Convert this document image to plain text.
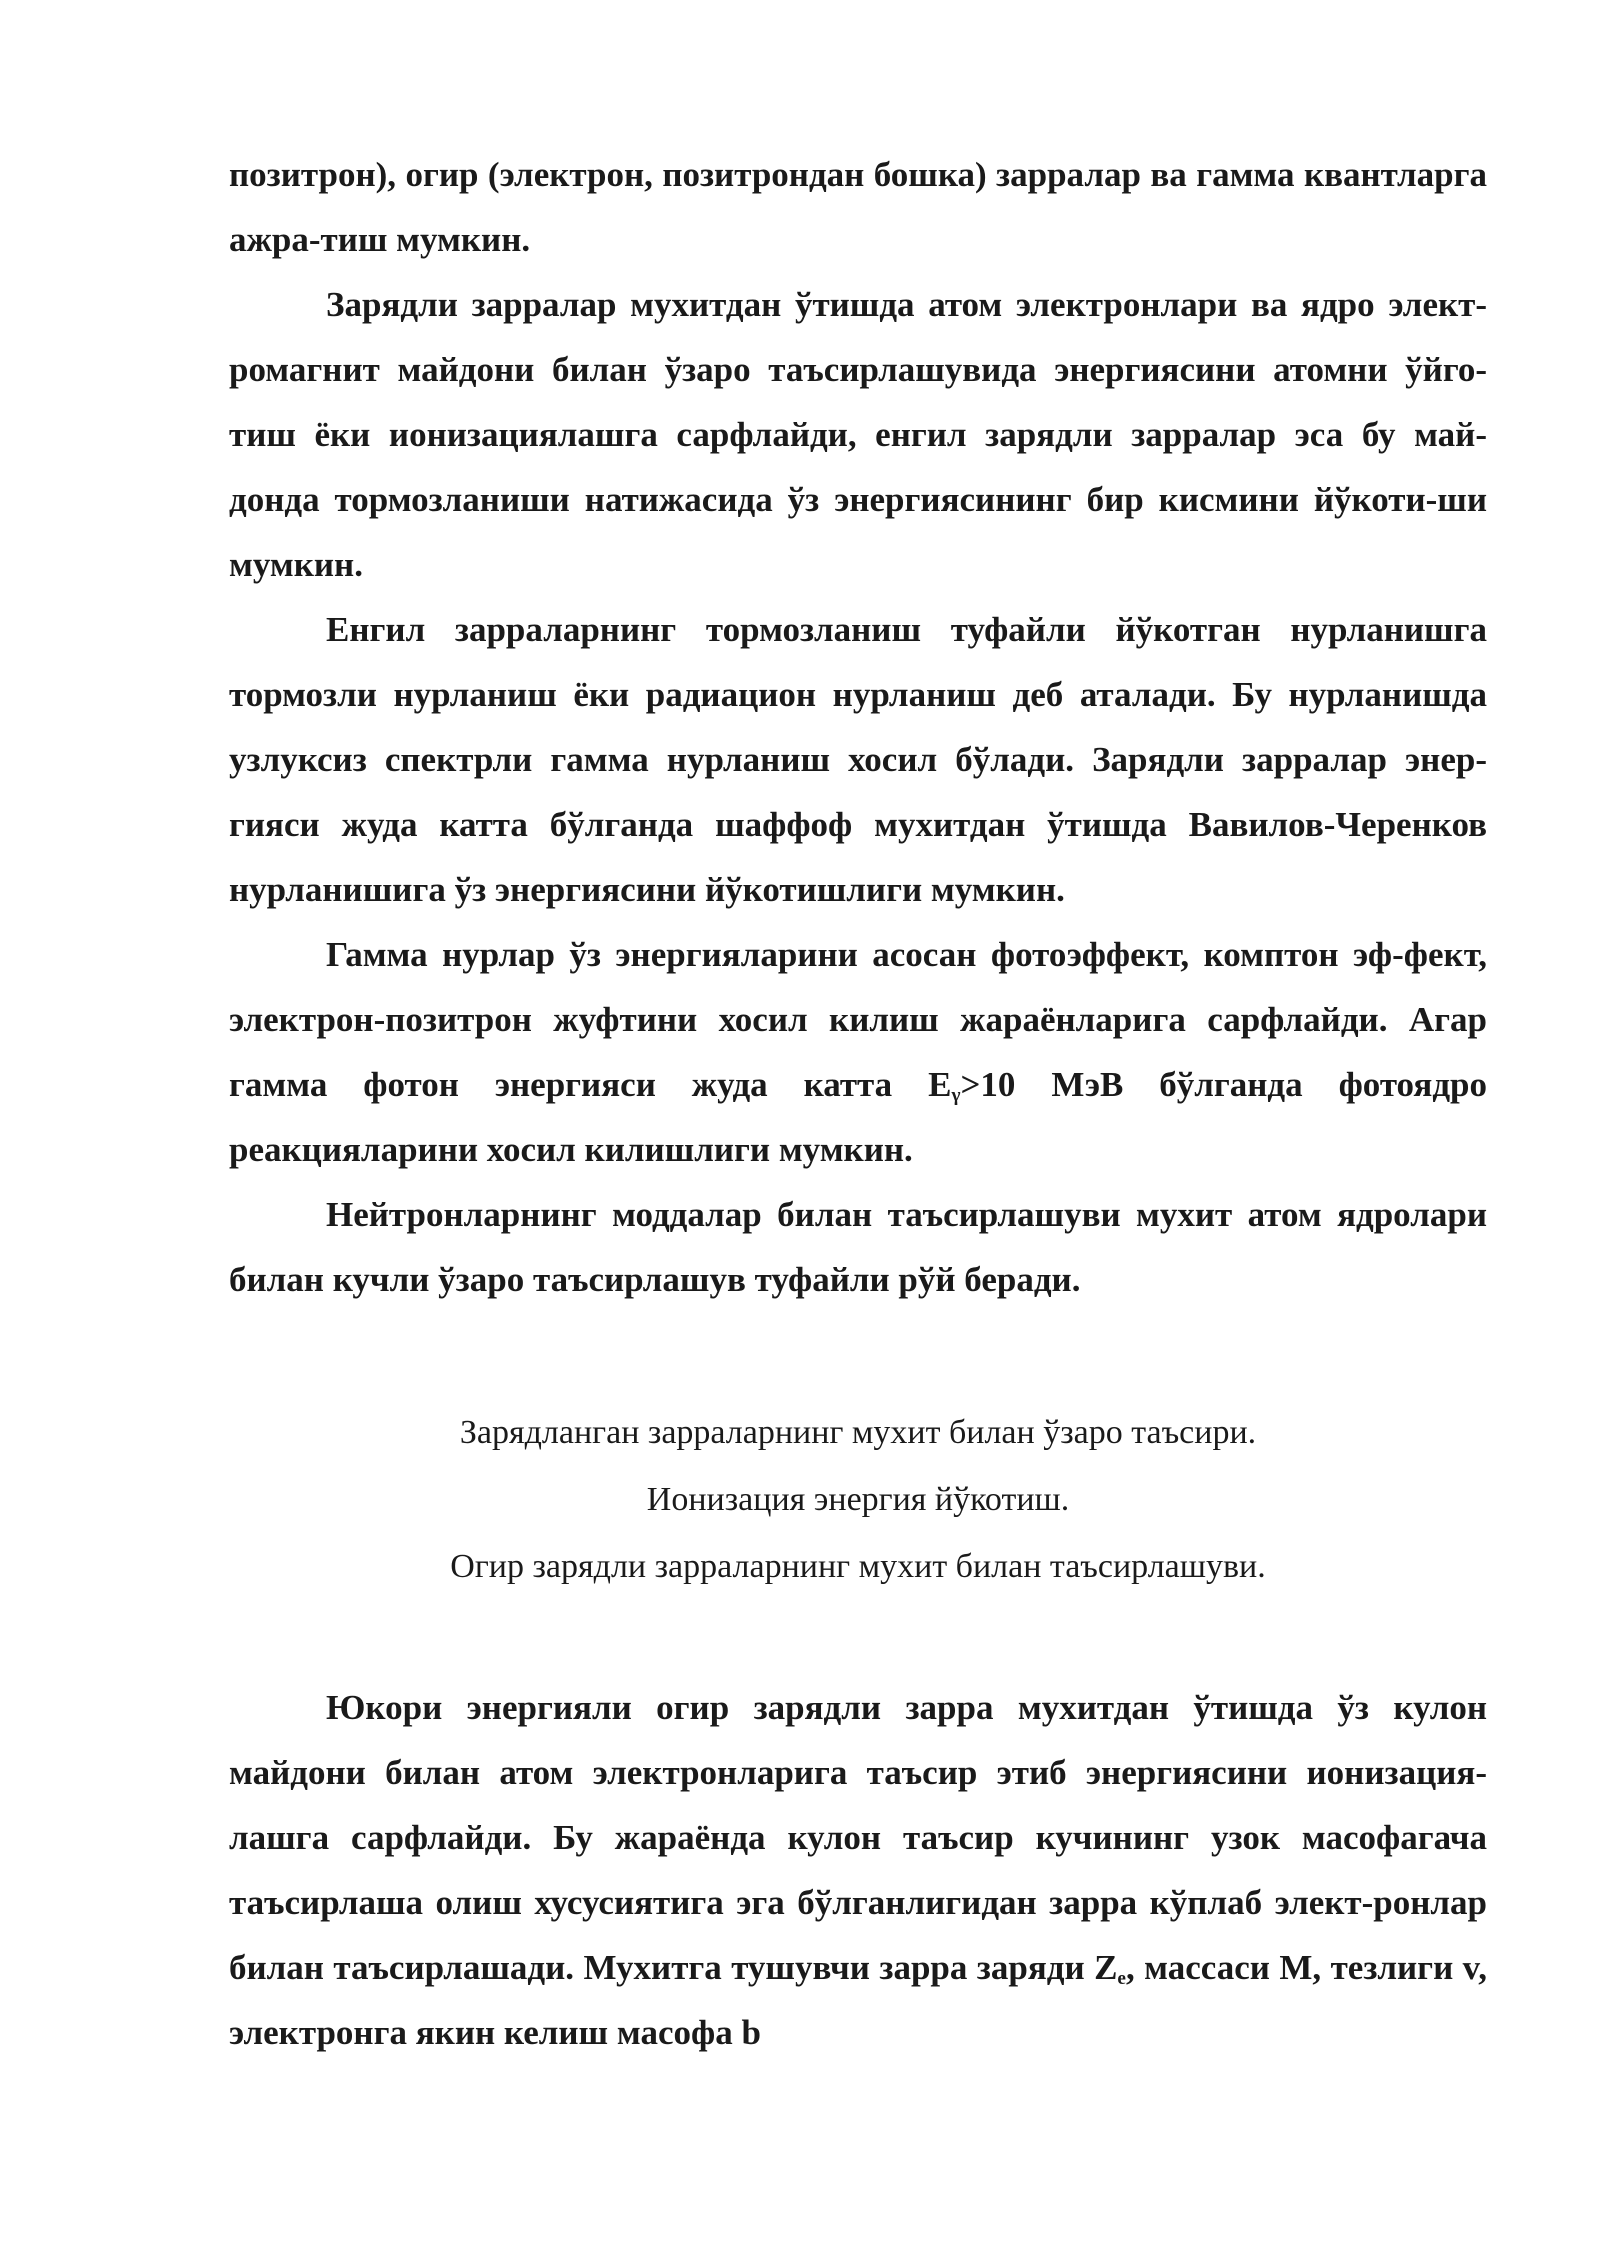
позитрон), огир (электрон, позитрондан бошка) зарралар ва гамма квантларга ажра-тиш мумкин.

Зарядли зарралар мухитдан ўтишда атом электронлари ва ядро элект-ромагнит майдони билан ўзаро таъсирлашувида энергиясини атомни ўйго-тиш ёки ионизациялашга сарфлайди, енгил зарядли зарралар эса бу май-донда тормозланиши натижасида ўз энергиясининг бир кисмини йўкоти-ши мумкин.

Енгил зарраларнинг тормозланиш туфайли йўкотган нурланишга тормозли нурланиш ёки радиацион нурланиш деб аталади. Бу нурланишда узлуксиз спектрли гамма нурланиш хосил бўлади. Зарядли зарралар энер-гияси жуда катта бўлганда шаффоф мухитдан ўтишда Вавилов-Черенков нурланишига ўз энергиясини йўкотишлиги мумкин.

Гамма нурлар ўз энергияларини асосан фотоэффект, комптон эф-фект, электрон-позитрон жуфтини хосил килиш жараёнларига сарфлайди. Агар гамма фотон энергияси жуда катта $E_\gamma>10$ МэВ бўлганда фотоядро реакцияларини хосил килишлиги мумкин.

Нейтронларнинг моддалар билан таъсирлашуви мухит атом ядролари билан кучли ўзаро таъсирлашув туфайли рўй беради.

Зарядланган зарраларнинг мухит билан ўзаро таъсири.
Ионизация энергия йўкотиш.
Огир зарядли зарраларнинг мухит билан таъсирлашуви.

Юкори энергияли огир зарядли зарра мухитдан ўтишда ўз кулон майдони билан атом электронларига таъсир этиб энергиясини ионизация-лашга сарфлайди. Бу жараёнда кулон таъсир кучининг узок масофагача таъсирлаша олиш хусусиятига эга бўлганлигидан зарра кўплаб элект-ронлар билан таъсирлашади. Мухитга тушувчи зарра заряди $Z_e$, массаси M, тезлиги v, электронга якин келиш масофа b
